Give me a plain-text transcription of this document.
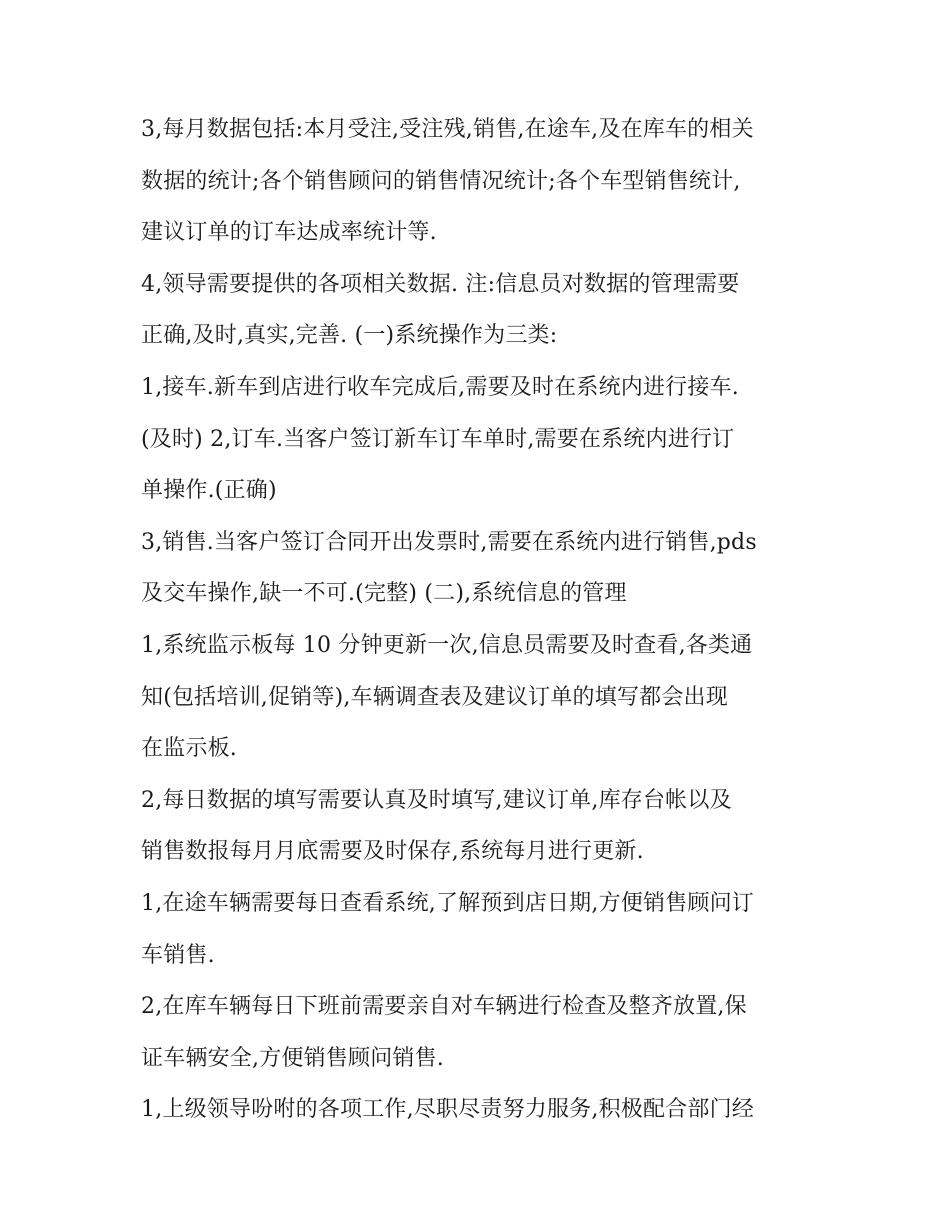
3,每月数据包括:本月受注,受注残,销售,在途车,及在库车的相关
数据的统计;各个销售顾问的销售情况统计;各个车型销售统计,
建议订单的订车达成率统计等.
4,领导需要提供的各项相关数据. 注:信息员对数据的管理需要
正确,及时,真实,完善. (一)系统操作为三类:
1,接车.新车到店进行收车完成后,需要及时在系统内进行接车.
(及时) 2,订车.当客户签订新车订车单时,需要在系统内进行订
单操作.(正确)
3,销售.当客户签订合同开出发票时,需要在系统内进行销售,pds
及交车操作,缺一不可.(完整) (二),系统信息的管理
1,系统监示板每 10 分钟更新一次,信息员需要及时查看,各类通
知(包括培训,促销等),车辆调查表及建议订单的填写都会出现
在监示板.
2,每日数据的填写需要认真及时填写,建议订单,库存台帐以及
销售数报每月月底需要及时保存,系统每月进行更新.
1,在途车辆需要每日查看系统,了解预到店日期,方便销售顾问订
车销售.
2,在库车辆每日下班前需要亲自对车辆进行检查及整齐放置,保
证车辆安全,方便销售顾问销售.
1,上级领导吩咐的各项工作,尽职尽责努力服务,积极配合部门经
